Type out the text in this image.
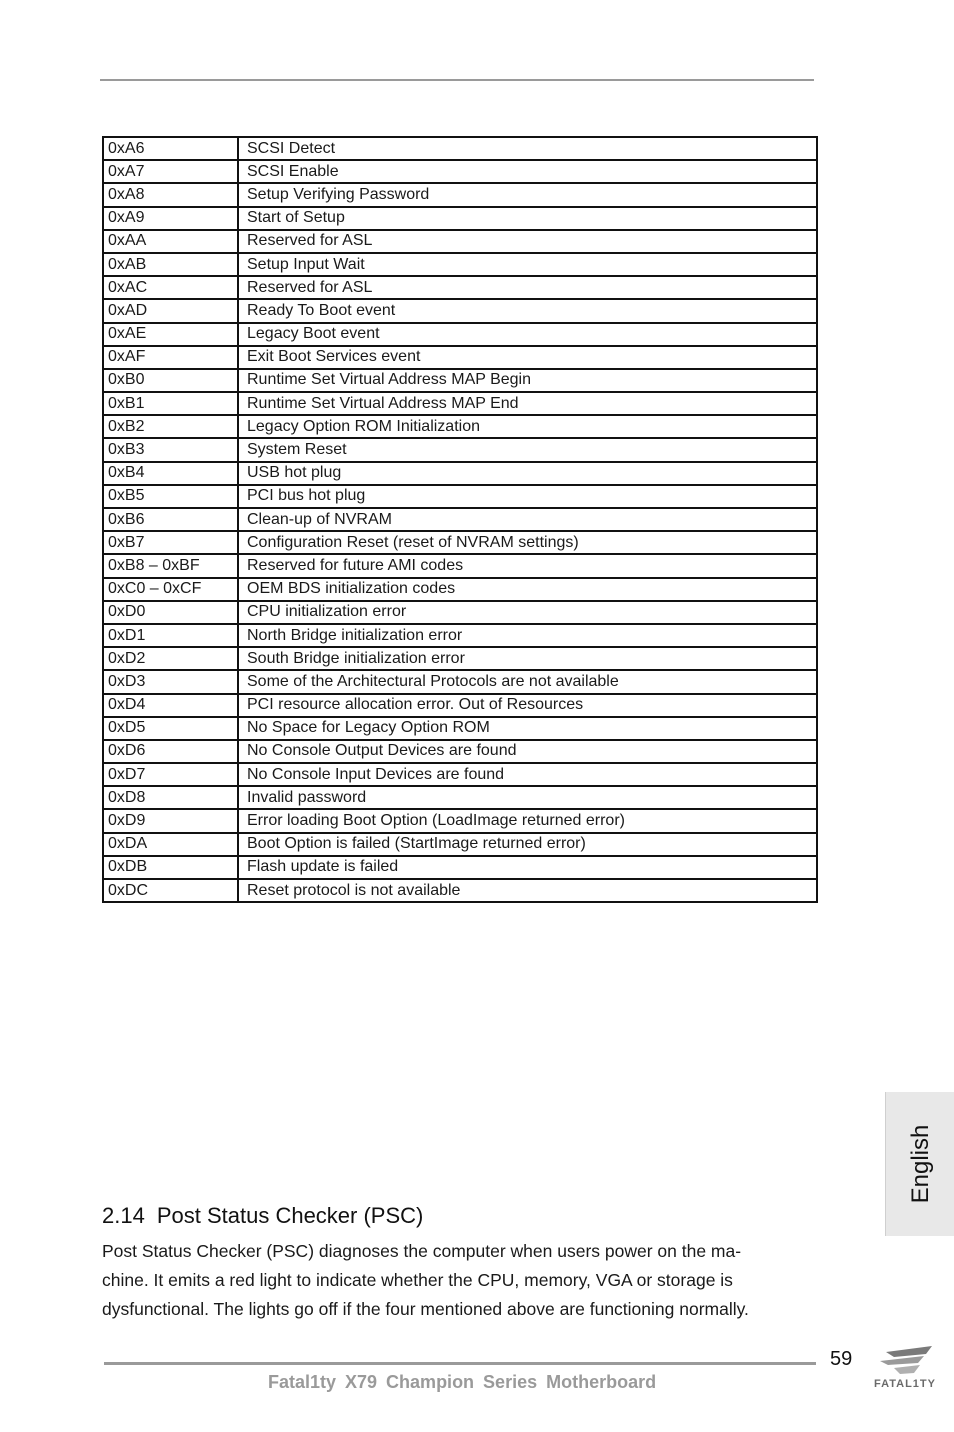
0xA6	SCSI Detect
0xA7	SCSI Enable
0xA8	Setup Verifying Password
0xA9	Start of Setup
0xAA	Reserved for ASL
0xAB	Setup Input Wait
0xAC	Reserved for ASL
0xAD	Ready To Boot event
0xAE	Legacy Boot event
0xAF	Exit Boot Services event
0xB0	Runtime Set Virtual Address MAP Begin
0xB1	Runtime Set Virtual Address MAP End
0xB2	Legacy Option ROM Initialization
0xB3	System Reset
0xB4	USB hot plug
0xB5	PCI bus hot plug
0xB6	Clean-up of NVRAM
0xB7	Configuration Reset (reset of NVRAM settings)
0xB8 – 0xBF	Reserved for future AMI codes
0xC0 – 0xCF	OEM BDS initialization codes
0xD0	CPU initialization error
0xD1	North Bridge initialization error
0xD2	South Bridge initialization error
0xD3	Some of the Architectural Protocols are not available
0xD4	PCI resource allocation error. Out of Resources
0xD5	No Space for Legacy Option ROM
0xD6	No Console Output Devices are found
0xD7	No Console Input Devices are found
0xD8	Invalid password
0xD9	Error loading Boot Option (LoadImage returned error)
0xDA	Boot Option is failed (StartImage returned error)
0xDB	Flash update is failed
0xDC	Reset protocol is not available
English
2.14 Post Status Checker (PSC)
Post Status Checker (PSC) diagnoses the computer when users power on the ma-
chine. It emits a red light to indicate whether the CPU, memory, VGA or storage is
dysfunctional. The lights go off if the four mentioned above are functioning normally.
59
Fatal1ty X79 Champion Series Motherboard	FATAL1TY
